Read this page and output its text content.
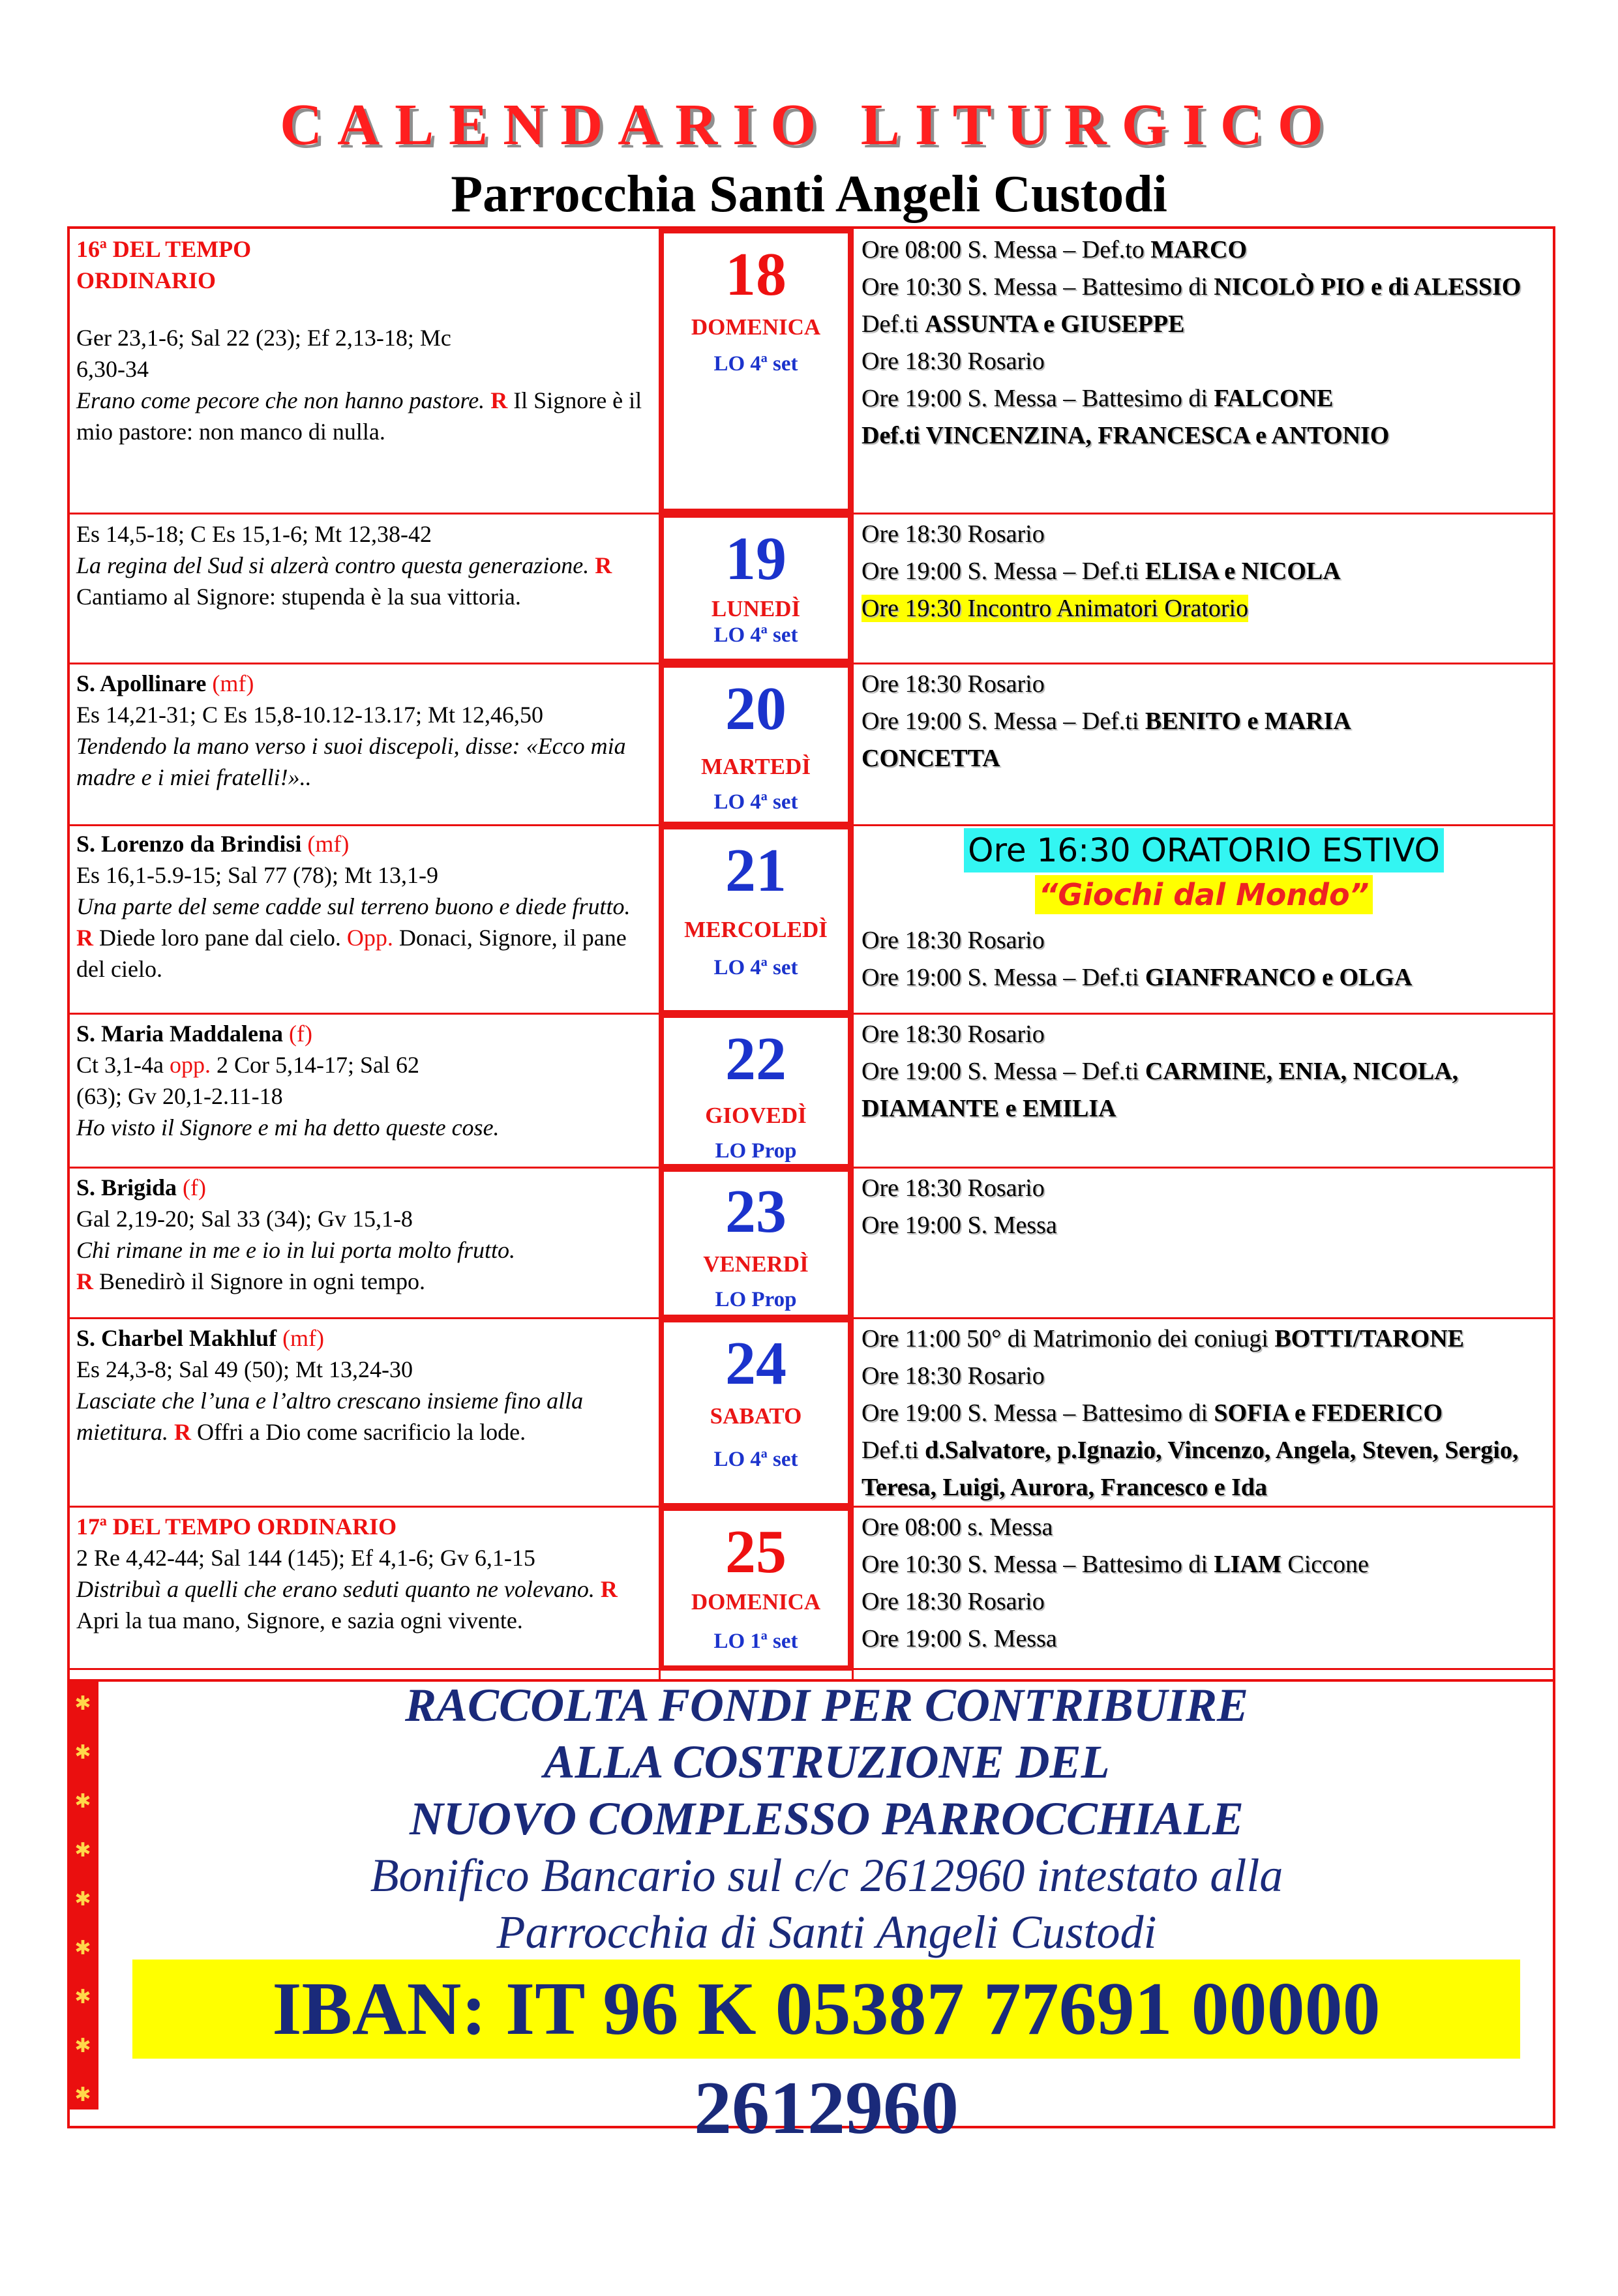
CALENDARIO LITURGICO
Parrocchia Santi Angeli Custodi
16ª DEL TEMPO ORDINARIO
Ger 23,1-6; Sal 22 (23); Ef 2,13-18; Mc 6,30-34
Erano come pecore che non hanno pastore. R Il Signore è il mio pastore: non manco di nulla.
18
DOMENICA
LO 4ª set
Ore 08:00 S. Messa – Def.to MARCO
Ore 10:30 S. Messa – Battesimo di NICOLÒ PIO e di ALESSIO
Def.ti ASSUNTA e GIUSEPPE
Ore 18:30 Rosario
Ore 19:00 S. Messa – Battesimo di FALCONE
Def.ti VINCENZINA, FRANCESCA e ANTONIO
Es 14,5-18; C Es 15,1-6; Mt 12,38-42
La regina del Sud si alzerà contro questa generazione. R Cantiamo al Signore: stupenda è la sua vittoria.
19
LUNEDÌ
LO 4ª set
Ore 18:30 Rosario
Ore 19:00 S. Messa – Def.ti ELISA e NICOLA
Ore 19:30 Incontro Animatori Oratorio
S. Apollinare (mf)
Es 14,21-31; C Es 15,8-10.12-13.17; Mt 12,46,50
Tendendo la mano verso i suoi discepoli, disse: «Ecco mia madre e i miei fratelli!»..
20
MARTEDÌ
LO 4ª set
Ore 18:30 Rosario
Ore 19:00 S. Messa – Def.ti BENITO e MARIA CONCETTA
S. Lorenzo da Brindisi (mf)
Es 16,1-5.9-15; Sal 77 (78); Mt 13,1-9
Una parte del seme cadde sul terreno buono e diede frutto.
R Diede loro pane dal cielo. Opp. Donaci, Signore, il pane del cielo.
21
MERCOLEDÌ
LO 4ª set
Ore 16:30 ORATORIO ESTIVO
“Giochi dal Mondo”
Ore 18:30 Rosario
Ore 19:00 S. Messa – Def.ti GIANFRANCO e OLGA
S. Maria Maddalena (f)
Ct 3,1-4a opp. 2 Cor 5,14-17; Sal 62 (63); Gv 20,1-2.11-18
Ho visto il Signore e mi ha detto queste cose.
22
GIOVEDÌ
LO Prop
Ore 18:30 Rosario
Ore 19:00 S. Messa – Def.ti CARMINE, ENIA, NICOLA, DIAMANTE e EMILIA
S. Brigida (f)
Gal 2,19-20; Sal 33 (34); Gv 15,1-8
Chi rimane in me e io in lui porta molto frutto.
R Benedirò il Signore in ogni tempo.
23
VENERDÌ
LO Prop
Ore 18:30 Rosario
Ore 19:00 S. Messa
S. Charbel Makhluf (mf)
Es 24,3-8; Sal 49 (50); Mt 13,24-30
Lasciate che l’una e l’altro crescano insieme fino alla mietitura. R Offri a Dio come sacrificio la lode.
24
SABATO
LO 4ª set
Ore 11:00 50° di Matrimonio dei coniugi BOTTI/TARONE
Ore 18:30 Rosario
Ore 19:00 S. Messa – Battesimo di SOFIA e FEDERICO
Def.ti d.Salvatore, p.Ignazio, Vincenzo, Angela, Steven, Sergio, Teresa, Luigi, Aurora, Francesco e Ida
17ª DEL TEMPO ORDINARIO
2 Re 4,42-44; Sal 144 (145); Ef 4,1-6; Gv 6,1-15
Distribuì a quelli che erano seduti quanto ne volevano. R Apri la tua mano, Signore, e sazia ogni vivente.
25
DOMENICA
LO 1ª set
Ore 08:00 s. Messa
Ore 10:30 S. Messa – Battesimo di LIAM Ciccone
Ore 18:30 Rosario
Ore 19:00 S. Messa
✱
✱
✱
✱
✱
✱
✱
✱
✱
RACCOLTA FONDI PER CONTRIBUIRE
ALLA COSTRUZIONE DEL
NUOVO COMPLESSO PARROCCHIALE
Bonifico Bancario sul c/c 2612960 intestato alla
Parrocchia di Santi Angeli Custodi
IBAN: IT 96 K 05387 77691 00000 2612960
